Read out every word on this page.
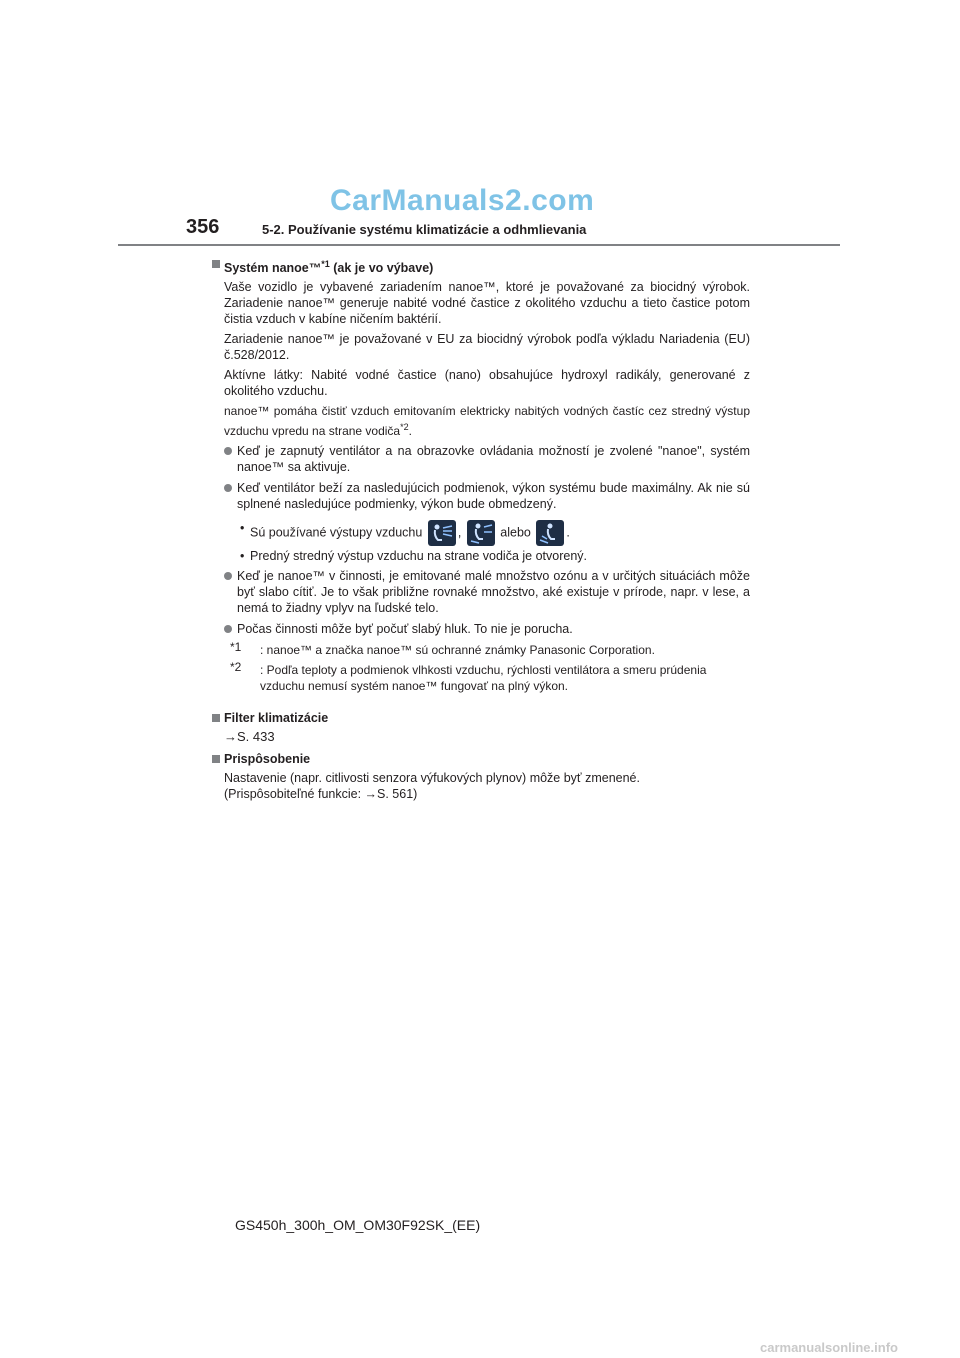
CarManuals2.com
356	5-2. Používanie systému klimatizácie a odhmlievania
Systém nanoe™$^{*1}$ (ak je vo výbave)

Vaše vozidlo je vybavené zariadením nanoe™, ktoré je považované za biocidný výrobok. Zariadenie nanoe™ generuje nabité vodné častice z okolitého vzduchu a tieto častice potom čistia vzduch v kabíne ničením baktérií.

Zariadenie nanoe™ je považované v EU za biocidný výrobok podľa výkladu Nariadenia (EU) č.528/2012.

Aktívne látky: Nabité vodné častice (nano) obsahujúce hydroxyl radikály, generované z okolitého vzduchu.

nanoe™ pomáha čistiť vzduch emitovaním elektricky nabitých vodných častíc cez stredný výstup vzduchu vpredu na strane vodiča$^{*2}$.

Keď je zapnutý ventilátor a na obrazovke ovládania možností je zvolené "nanoe", systém nanoe™ sa aktivuje.
Keď ventilátor beží za nasledujúcich podmienok, výkon systému bude maximálny. Ak nie sú splnené nasledujúce podmienky, výkon bude obmedzený.
• Sú používané výstupy vzduchu	,	alebo	.
• Predný stredný výstup vzduchu na strane vodiča je otvorený.
Keď je nanoe™ v činnosti, je emitované malé množstvo ozónu a v určitých situáciách môže byť slabo cítiť. Je to však približne rovnaké množstvo, aké existuje v prírode, napr. v lese, a nemá to žiadny vplyv na ľudské telo.
Počas činnosti môže byť počuť slabý hluk. To nie je porucha.
*1 : nanoe™ a značka nanoe™ sú ochranné známky Panasonic Corporation.
*2 : Podľa teploty a podmienok vlhkosti vzduchu, rýchlosti ventilátora a smeru prúdenia vzduchu nemusí systém nanoe™ fungovať na plný výkon.
Filter klimatizácie

→S. 433

Prispôsobenie

Nastavenie (napr. citlivosti senzora výfukových plynov) môže byť zmenené.

(Prispôsobiteľné funkcie: →S. 561)

GS450h_300h_OM_OM30F92SK_(EE)
carmanualsonline.info
